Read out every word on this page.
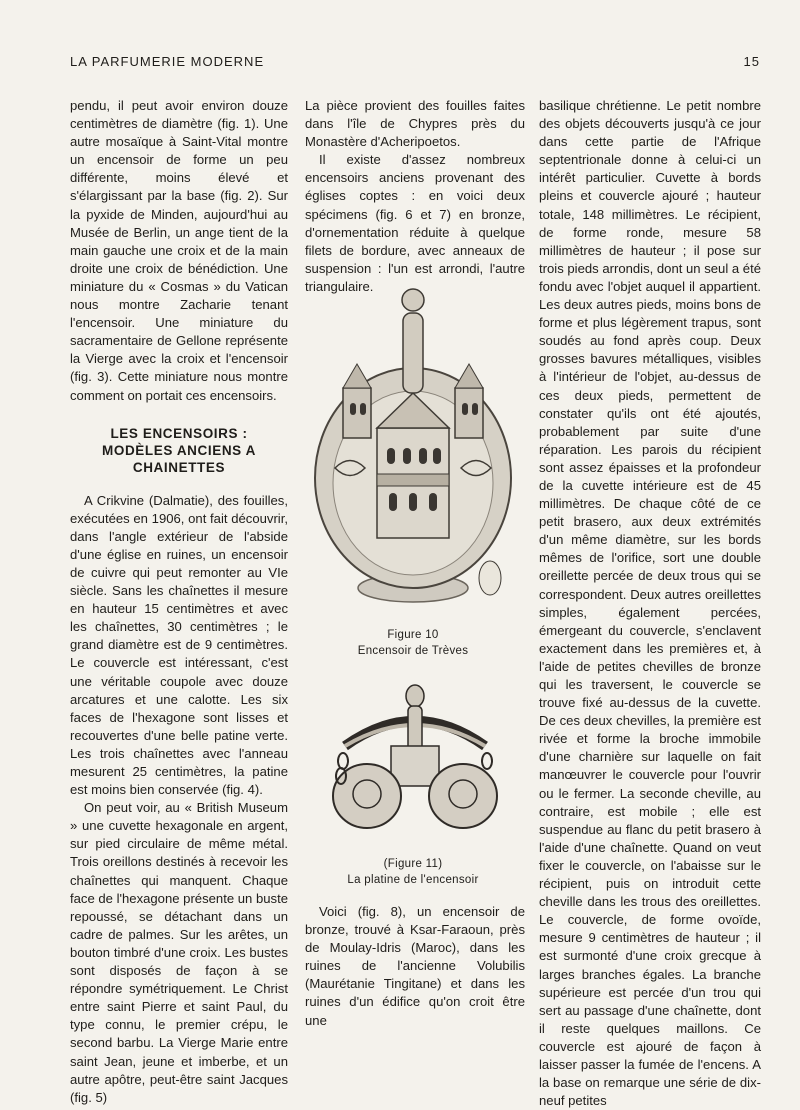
LA PARFUMERIE MODERNE	15

pendu, il peut avoir environ douze centimètres de diamètre (fig. 1). Une autre mosaïque à Saint-Vital montre un encensoir de forme un peu différente, moins élevé et s'élargissant par la base (fig. 2). Sur la pyxide de Minden, aujourd'hui au Musée de Berlin, un ange tient de la main gauche une croix et de la main droite une croix de bénédiction. Une miniature du « Cosmas » du Vatican nous montre Zacharie tenant l'encensoir. Une miniature du sacramentaire de Gellone représente la Vierge avec la croix et l'encensoir (fig. 3). Cette miniature nous montre comment on portait ces encensoirs.

LES ENCENSOIRS :
MODÈLES ANCIENS A
CHAINETTES

A Crikvine (Dalmatie), des fouilles, exécutées en 1906, ont fait découvrir, dans l'angle extérieur de l'abside d'une église en ruines, un encensoir de cuivre qui peut remonter au VIe siècle. Sans les chaînettes il mesure en hauteur 15 centimètres et avec les chaînettes, 30 centimètres ; le grand diamètre est de 9 centimètres. Le couvercle est intéressant, c'est une véritable coupole avec douze arcatures et une calotte. Les six faces de l'hexagone sont lisses et recouvertes d'une belle patine verte. Les trois chaînettes avec l'anneau mesurent 25 centimètres, la patine est moins bien conservée (fig. 4).

On peut voir, au « British Museum » une cuvette hexagonale en argent, sur pied circulaire de même métal. Trois oreillons destinés à recevoir les chaînettes qui manquent. Chaque face de l'hexagone présente un buste repoussé, se détachant dans un cadre de palmes. Sur les arêtes, un bouton timbré d'une croix. Les bustes sont disposés de façon à se répondre symétriquement. Le Christ entre saint Pierre et saint Paul, du type connu, le premier crépu, le second barbu. La Vierge Marie entre saint Jean, jeune et imberbe, et un autre apôtre, peut-être saint Jacques (fig. 5)

La pièce provient des fouilles faites dans l'île de Chypres près du Monastère d'Acheripoetos.

Il existe d'assez nombreux encensoirs anciens provenant des églises coptes : en voici deux spécimens (fig. 6 et 7) en bronze, d'ornementation réduite à quelque filets de bordure, avec anneaux de suspension : l'un est arrondi, l'autre triangulaire.

Figure 10
Encensoir de Trèves
(Figure 11)
La platine de l'encensoir

Voici (fig. 8), un encensoir de bronze, trouvé à Ksar-Faraoun, près de Moulay-Idris (Maroc), dans les ruines de l'ancienne Volubilis (Maurétanie Tingitane) et dans les ruines d'un édifice qu'on croit être une

basilique chrétienne. Le petit nombre des objets découverts jusqu'à ce jour dans cette partie de l'Afrique septentrionale donne à celui-ci un intérêt particulier. Cuvette à bords pleins et couvercle ajouré ; hauteur totale, 148 millimètres. Le récipient, de forme ronde, mesure 58 millimètres de hauteur ; il pose sur trois pieds arrondis, dont un seul a été fondu avec l'objet auquel il appartient. Les deux autres pieds, moins bons de forme et plus légèrement trapus, sont soudés au fond après coup. Deux grosses bavures métalliques, visibles à l'intérieur de l'objet, au-dessus de ces deux pieds, permettent de constater qu'ils ont été ajoutés, probablement par suite d'une réparation. Les parois du récipient sont assez épaisses et la profondeur de la cuvette intérieure est de 45 millimètres. De chaque côté de ce petit brasero, aux deux extrémités d'un même diamètre, sur les bords mêmes de l'orifice, sort une double oreillette percée de deux trous qui se correspondent. Deux autres oreillettes simples, également percées, émergeant du couvercle, s'enclavent exactement dans les premières et, à l'aide de petites chevilles de bronze qui les traversent, le couvercle se trouve fixé au-dessus de la cuvette. De ces deux chevilles, la première est rivée et forme la broche immobile d'une charnière sur laquelle on fait manœuvrer le couvercle pour l'ouvrir ou le fermer. La seconde cheville, au contraire, est mobile ; elle est suspendue au flanc du petit brasero à l'aide d'une chaînette. Quand on veut fixer le couvercle, on l'abaisse sur le récipient, puis on introduit cette cheville dans les trous des oreillettes. Le couvercle, de forme ovoïde, mesure 9 centimètres de hauteur ; il est surmonté d'une croix grecque à larges branches égales. La branche supérieure est percée d'un trou qui sert au passage d'une chaînette, dont il reste quelques maillons. Ce couvercle est ajouré de façon à laisser passer la fumée de l'encens. A la base on remarque une série de dix-neuf petites
